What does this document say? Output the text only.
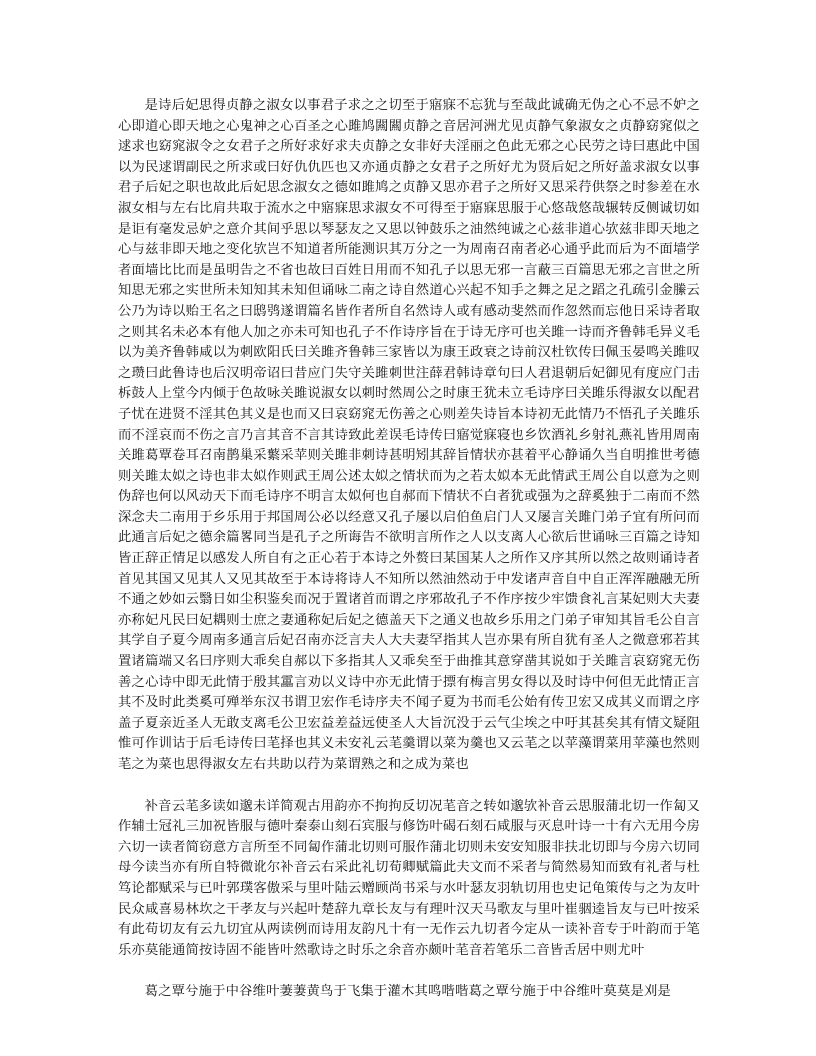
是诗后妃思得贞静之淑女以事君子求之之切至于寤寐不忘犹与至哉此诚确无伪之心不忌不妒之心即道心即天地之心鬼神之心百圣之心雎鸠闗闗贞静之音居河洲尤见贞静气象淑女之贞静窈窕似之逑求也窈窕淑令之女君子之所好求好求夫贞静之女非好夫淫丽之色此无邪之心民劳之诗曰惠此中国以为民逑谓副民之所求或曰好仇仇匹也又亦通贞静之女君子之所好尤为贤后妃之所好盖求淑女以事君子后妃之职也故此后妃思念淑女之德如雎鸠之贞静又思亦君子之所好又思采荇供祭之时参差在水淑女相与左右比肩共取于流水之中寤寐思求淑女不可得至于寤寐思服于心悠哉悠哉辗转反侧诚切如是讵有毫发忌妒之意介其间乎思以琴瑟友之又思以钟鼓乐之油然纯诚之心兹非道心欤兹非即天地之心与兹非即天地之变化欤岂不知道者所能测识其万分之一为周南召南者必心通乎此而后为不面墙学者面墙比比而是虽明告之不省也故曰百姓日用而不知孔子以思无邪一言蔽三百篇思无邪之言世之所知思无邪之实世所未知知其未知但诵咏二南之诗自然道心兴起不知手之舞之足之蹈之孔疏引金縢云公乃为诗以贻王名之曰鸱鸮遂谓篇名皆作者所自名然诗人或有感动斐然而作忽然而忘他日采诗者取之则其名未必本有他人加之亦未可知也孔子不作诗序旨在于诗无序可也关雎一诗而齐鲁韩毛异义毛以为美齐鲁韩咸以为刺欧阳氏曰关雎齐鲁韩三家皆以为康王政衰之诗前汉杜钦传曰佩玉晏鸣关雎叹之瓒曰此鲁诗也后汉明帝诏曰昔应门失守关雎刺世注薛君韩诗章句曰人君退朝后妃御见有度应门击柝鼓人上堂今内倾于色故咏关雎说淑女以刺时然周公之时康王犹未立毛诗序曰关雎乐得淑女以配君子忧在进贤不淫其色其义是也而又曰哀窈窕无伤善之心则差失诗旨本诗初无此情乃不悟孔子关雎乐而不淫哀而不伤之言乃言其音不言其诗致此差误毛诗传曰寤觉寐寝也乡饮酒礼乡射礼燕礼皆用周南关雎葛覃卷耳召南鹊巢采蘩采苹则关雎非刺诗甚明矧其辞旨情状亦甚着平心静诵久当自明推世考德则关雎太姒之诗也非太姒作则武王周公述太姒之情状而为之若太姒本无此情武王周公自以意为之则伪辞也何以风动天下而毛诗序不明言太姒何也自郝而下情状不白者犹或强为之辞奚独于二南而不然深念夫二南用于乡乐用于邦国周公必以经意又孔子屡以启伯鱼启门人又屡言关雎门弟子宜有所问而此通言后妃之德余篇畧同当是孔子之所诲告不欲明言所作之人以支离人心欲后世诵咏三百篇之诗知皆正辞正情足以感发人所自有之正心若于本诗之外赘曰某国某人之所作又序其所以然之故则诵诗者首见其国又见其人又见其故至于本诗将诗人不知所以然油然动于中发诸声音自中自正浑浑融融无所不通之妙如云翳日如尘积鉴矣而况于置诸首而谓之序邪故孔子不作序按少牢馈食礼言某妃则大夫妻亦称妃凡民曰妃耦则士庶之妻通称妃后妃之德盖天下之通义也故乡乐用之门弟子审知其旨毛公自言其学自子夏今周南多通言后妃召南亦泛言夫人大夫妻罕指其人岂亦果有所自犹有圣人之微意邪若其置诸篇端又名曰序则大乖矣自郝以下多指其人又乖矣至于曲推其意穿凿其说如于关雎言哀窈窕无伤善之心诗中即无此情于殷其靁言劝以义诗中亦无此情于摽有梅言男女得以及时诗中何但无此情正言其不及时此类奚可殚举东汉书谓卫宏作毛诗序夫不闻子夏为书而毛公始有传卫宏又成其义而谓之序盖子夏亲近圣人无敢支离毛公卫宏益差益远使圣人大旨沉没于云气尘埃之中吁其甚矣其有情文疑阻惟可作训诂于后毛诗传曰芼择也其义未安礼云芼羹谓以菜为羹也又云芼之以苹藻谓菜用苹藻也然则芼之为菜也思得淑女左右共助以荇为菜谓熟之和之成为菜也

补音云芼多读如邈未详简观古用韵亦不拘拘反切况芼音之转如邈欤补音云思服蒲北切一作匐又作辅士冠礼三加祝皆服与德叶秦泰山刻石宾服与修饬叶碣石刻石咸服与灭息叶诗一十有六无用今房六切一读者简窃意方言所至不同匐作蒲北切则可服作蒲北切则未安安知服非扶北切即与今房六切同母今读当亦有所自特微讹尔补音云右采此礼切荀卿赋篇此夫文而不采者与简然易知而致有礼者与杜笃论都赋采与已叶郭璞客傲采与里叶陆云赠顾尚书采与水叶瑟友羽轨切用也史记龟策传与之为友叶民众咸喜易林坎之干孝友与兴起叶楚辞九章长友与有理叶汉天马歌友与里叶崔骃逵旨友与已叶按采有此苟切友有云九切宜从两读例而诗用友韵凡十有一无作云九切者今定从一读补音专于叶韵而于笔乐亦莫能通简按诗固不能皆叶然歌诗之时乐之余音亦颇叶芼音若笔乐二音皆舌居中则尤叶

葛之覃兮施于中谷维叶萋萋黄鸟于飞集于灌木其鸣喈喈葛之覃兮施于中谷维叶莫莫是刈是
